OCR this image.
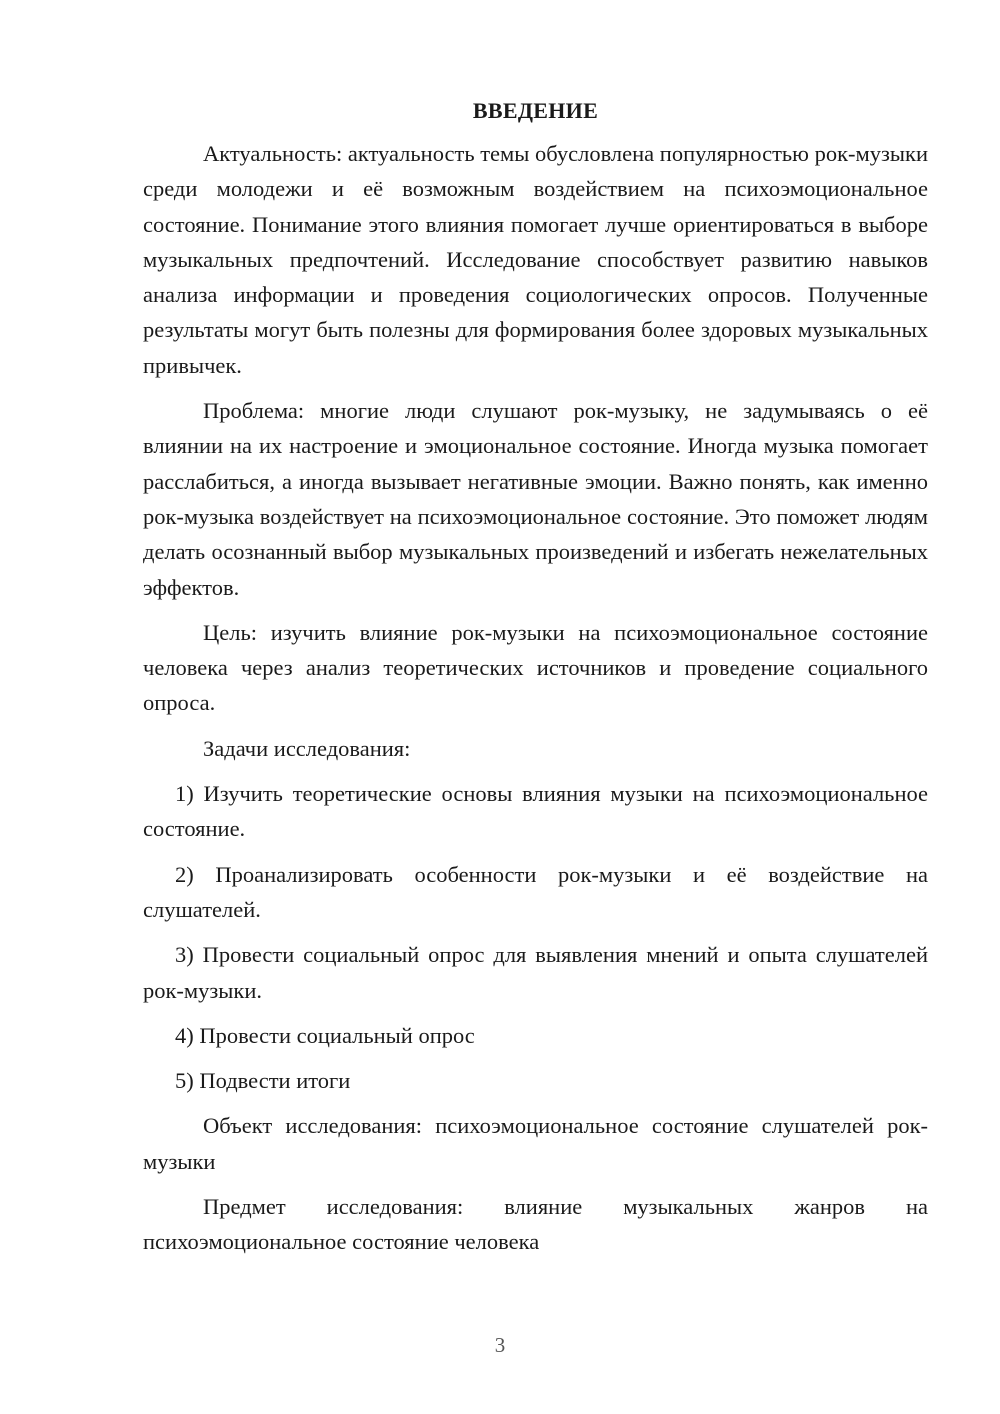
ВВЕДЕНИЕ

Актуальность: актуальность темы обусловлена популярностью рок-музыки среди молодежи и её возможным воздействием на психоэмоциональное состояние. Понимание этого влияния помогает лучше ориентироваться в выборе музыкальных предпочтений. Исследование способствует развитию навыков анализа информации и проведения социологических опросов. Полученные результаты могут быть полезны для формирования более здоровых музыкальных привычек.

Проблема: многие люди слушают рок-музыку, не задумываясь о её влиянии на их настроение и эмоциональное состояние. Иногда музыка помогает расслабиться, а иногда вызывает негативные эмоции. Важно понять, как именно рок-музыка воздействует на психоэмоциональное состояние. Это поможет людям делать осознанный выбор музыкальных произведений и избегать нежелательных эффектов.

Цель: изучить влияние рок-музыки на психоэмоциональное состояние человека через анализ теоретических источников и проведение социального опроса.

Задачи исследования:

1) Изучить теоретические основы влияния музыки на психоэмоциональное состояние.

2) Проанализировать особенности рок-музыки и её воздействие на слушателей.

3) Провести социальный опрос для выявления мнений и опыта слушателей рок-музыки.

4) Провести социальный опрос

5) Подвести итоги

Объект исследования: психоэмоциональное состояние слушателей рок-музыки

Предмет исследования: влияние музыкальных жанров на психоэмоциональное состояние человека

3
